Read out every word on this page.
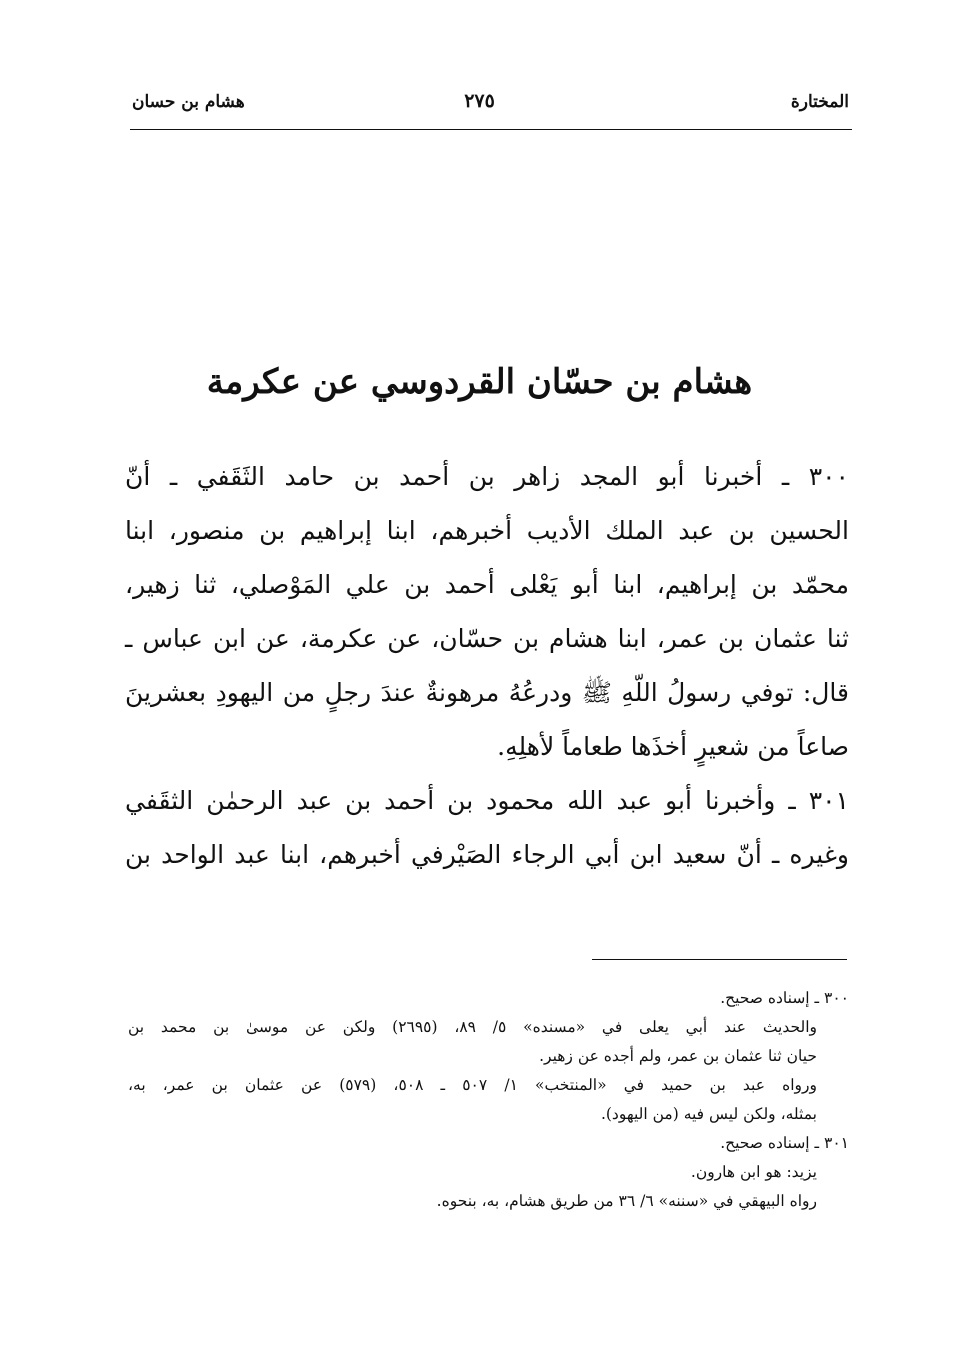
المختارة
٢٧٥
هشام بن حسان
هشام بن حسّان القردوسي عن عكرمة
٣٠٠ ـ أخبرنا أبو المجد زاهر بن أحمد بن حامد الثَقَفي ـ أنّ
الحسين بن عبد الملك الأديب أخبرهم، ابنا إبراهيم بن منصور، ابنا
محمّد بن إبراهيم، ابنا أبو يَعْلى أحمد بن علي المَوْصلي، ثنا زهير،
ثنا عثمان بن عمر، ابنا هشام بن حسّان، عن عكرمة، عن ابن عباس ـ
قال: توفي رسولُ اللّهِ ﷺ ودرعُهُ مرهونةٌ عندَ رجلٍ من اليهودِ بعشرينَ
صاعاً من شعيرٍ أخذَها طعاماً لأهلِهِ.
٣٠١ ـ وأخبرنا أبو عبد الله محمود بن أحمد بن عبد الرحمٰن الثقَفي
وغيره ـ أنّ سعيد ابن أبي الرجاء الصَيْرفي أخبرهم، ابنا عبد الواحد بن
٣٠٠ ـ إسناده صحيح.
والحديث عند أبي يعلى في «مسنده» ٥/ ٨٩، (٢٦٩٥) ولكن عن موسىٰ بن محمد بن
حيان ثنا عثمان بن عمر، ولم أجده عن زهير.
ورواه عبد بن حميد في «المنتخب» ١/ ٥٠٧ ـ ٥٠٨، (٥٧٩) عن عثمان بن عمر، به،
بمثله، ولكن ليس فيه (من اليهود).
٣٠١ ـ إسناده صحيح.
يزيد: هو ابن هارون.
رواه البيهقي في «سننه» ٦/ ٣٦ من طريق هشام، به، بنحوه.
